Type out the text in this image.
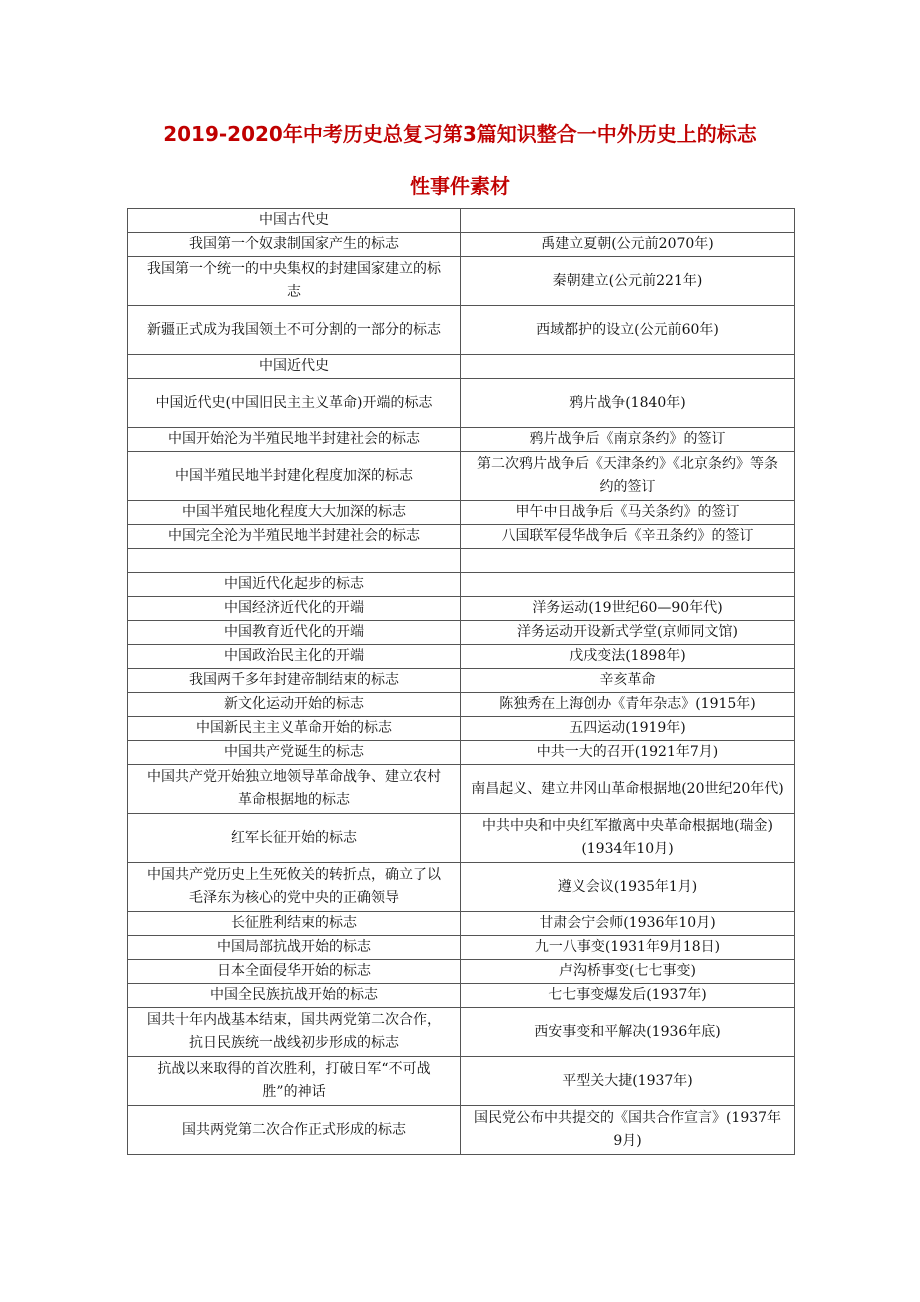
2019-2020年中考历史总复习第3篇知识整合一中外历史上的标志
性事件素材
中国古代史	
我国第一个奴隶制国家产生的标志	禹建立夏朝(公元前2070年)
我国第一个统一的中央集权的封建国家建立的标志	秦朝建立(公元前221年)
新疆正式成为我国领土不可分割的一部分的标志	西域都护的设立(公元前60年)
中国近代史	
中国近代史(中国旧民主主义革命)开端的标志	鸦片战争(1840年)
中国开始沦为半殖民地半封建社会的标志	鸦片战争后《南京条约》的签订
中国半殖民地半封建化程度加深的标志	第二次鸦片战争后《天津条约》《北京条约》等条约的签订
中国半殖民地化程度大大加深的标志	甲午中日战争后《马关条约》的签订
中国完全沦为半殖民地半封建社会的标志	八国联军侵华战争后《辛丑条约》的签订

中国近代化起步的标志	
中国经济近代化的开端	洋务运动(19世纪60—90年代)
中国教育近代化的开端	洋务运动开设新式学堂(京师同文馆)
中国政治民主化的开端	戊戌变法(1898年)
我国两千多年封建帝制结束的标志	辛亥革命
新文化运动开始的标志	陈独秀在上海创办《青年杂志》(1915年)
中国新民主主义革命开始的标志	五四运动(1919年)
中国共产党诞生的标志	中共一大的召开(1921年7月)
中国共产党开始独立地领导革命战争、建立农村革命根据地的标志	南昌起义、建立井冈山革命根据地(20世纪20年代)
红军长征开始的标志	中共中央和中央红军撤离中央革命根据地(瑞金)(1934年10月)
中国共产党历史上生死攸关的转折点，确立了以毛泽东为核心的党中央的正确领导	遵义会议(1935年1月)
长征胜利结束的标志	甘肃会宁会师(1936年10月)
中国局部抗战开始的标志	九一八事变(1931年9月18日)
日本全面侵华开始的标志	卢沟桥事变(七七事变)
中国全民族抗战开始的标志	七七事变爆发后(1937年)
国共十年内战基本结束，国共两党第二次合作，抗日民族统一战线初步形成的标志	西安事变和平解决(1936年底)
抗战以来取得的首次胜利，打破日军“不可战胜”的神话	平型关大捷(1937年)
国共两党第二次合作正式形成的标志	国民党公布中共提交的《国共合作宣言》(1937年9月)
